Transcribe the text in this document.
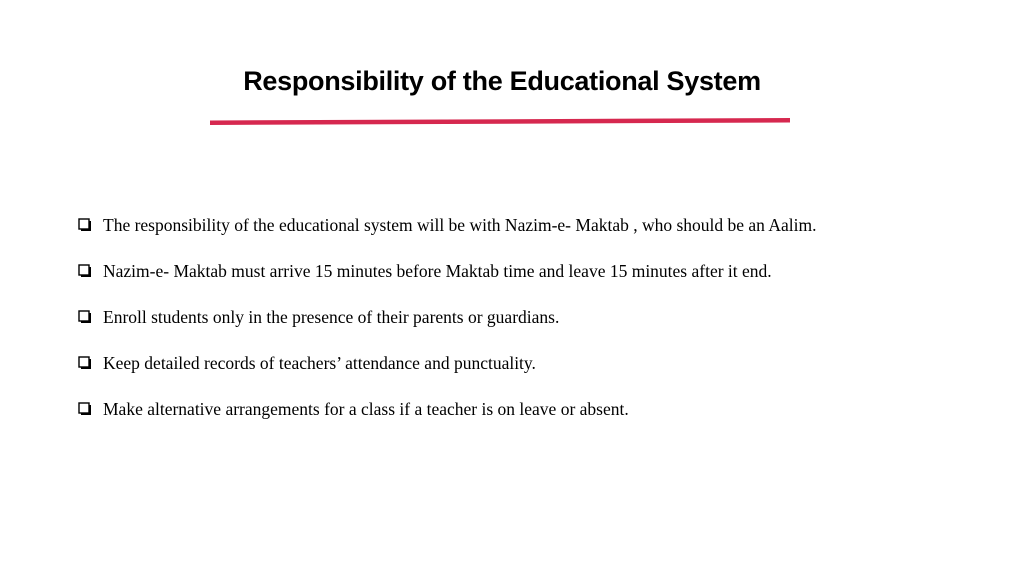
Responsibility of the Educational System
The responsibility of the educational system will be with Nazim-e- Maktab , who should be an Aalim.
Nazim-e- Maktab must arrive 15 minutes before Maktab time and leave 15 minutes after it end.
Enroll students only in the presence of their parents or guardians.
Keep detailed records of teachers’ attendance and punctuality.
Make alternative arrangements for a class if a teacher is on leave or absent.
